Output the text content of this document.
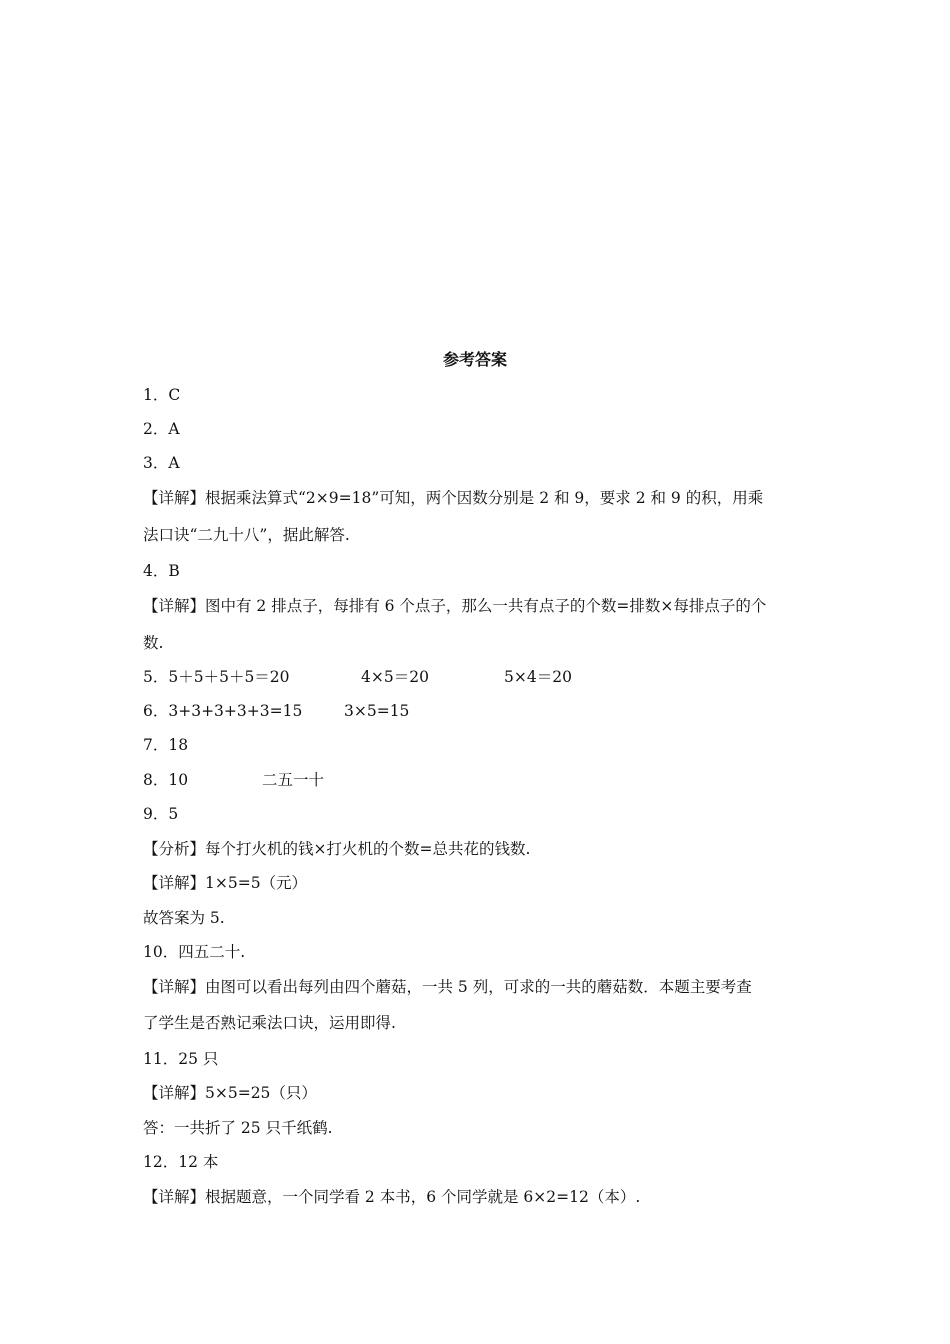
参考答案
1．C
2．A
3．A
【详解】根据乘法算式“2×9=18”可知，两个因数分别是 2 和 9，要求 2 和 9 的积，用乘
法口诀“二九十八”，据此解答.
4．B
【详解】图中有 2 排点子，每排有 6 个点子，那么一共有点子的个数=排数×每排点子的个
数.
5．5＋5＋5＋5＝20	4×5＝20	5×4＝20
6．3+3+3+3+3=15	3×5=15
7．18
8．10	二五一十
9．5
【分析】每个打火机的钱×打火机的个数=总共花的钱数.
【详解】1×5=5（元）
故答案为 5.
10．四五二十.
【详解】由图可以看出每列由四个蘑菇，一共 5 列，可求的一共的蘑菇数．本题主要考查
了学生是否熟记乘法口诀，运用即得.
11．25 只
【详解】5×5=25（只）
答：一共折了 25 只千纸鹤.
12．12 本
【详解】根据题意，一个同学看 2 本书，6 个同学就是 6×2=12（本）.
